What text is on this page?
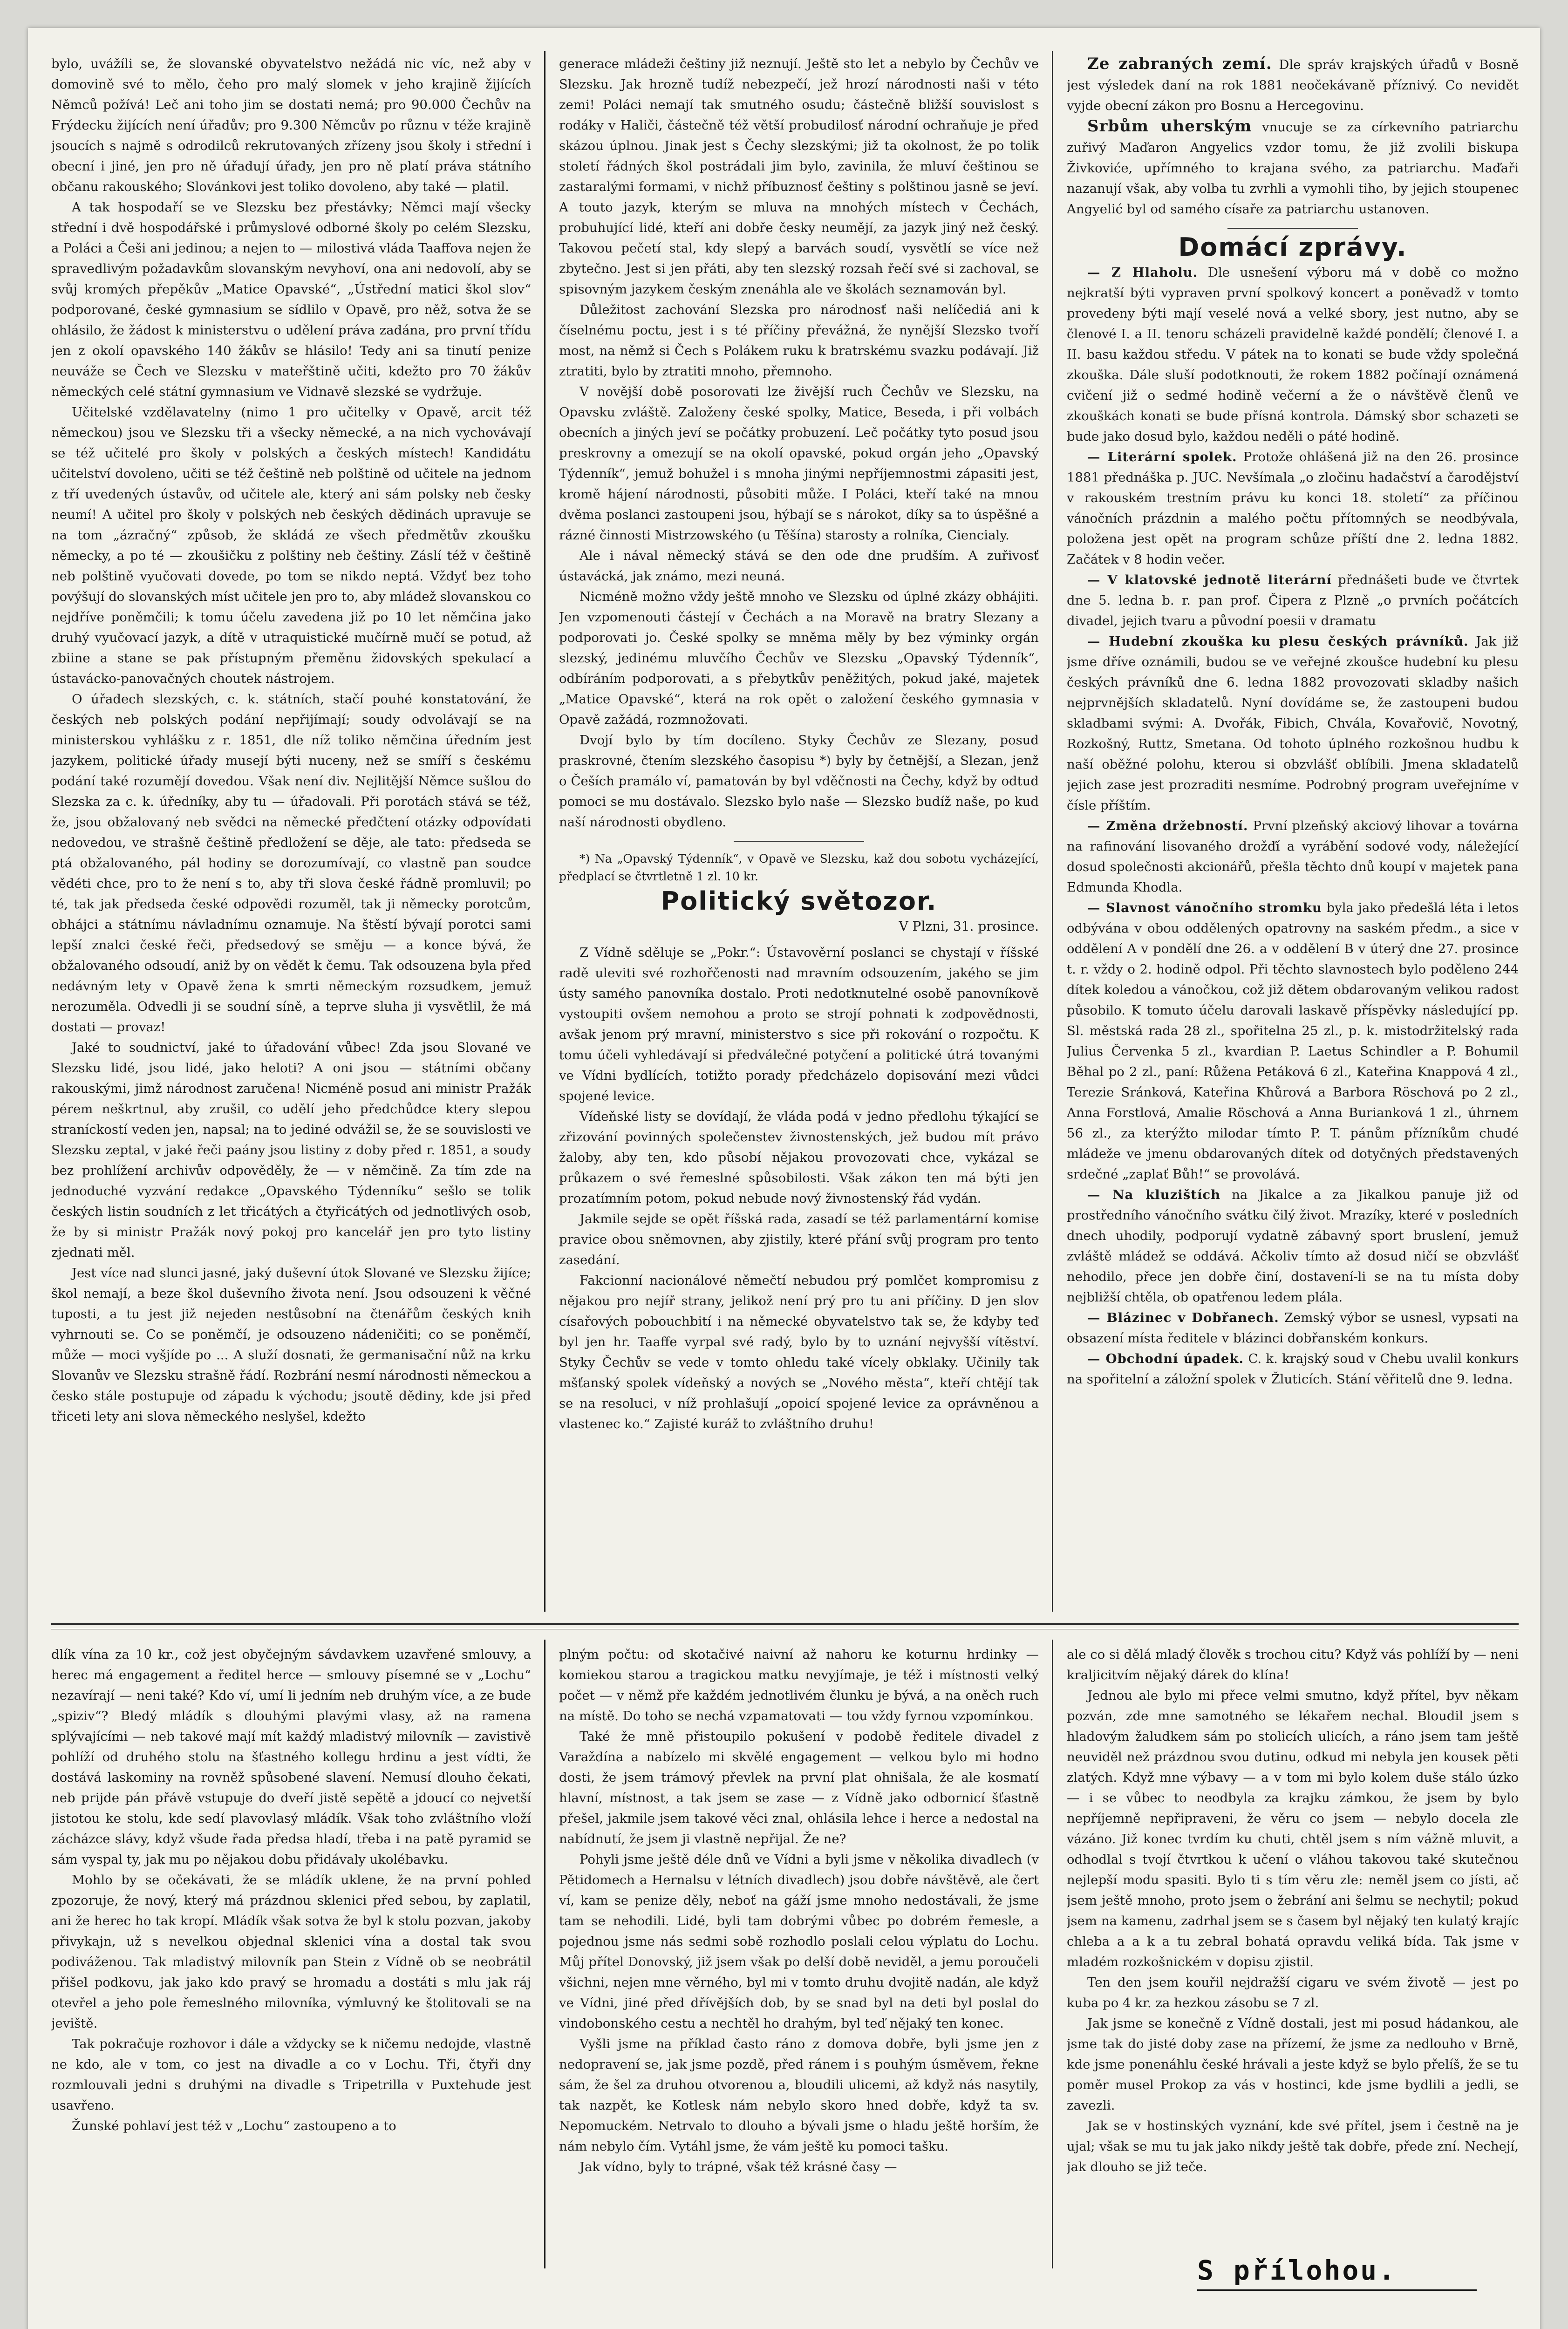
bylo, uvážíli se, že slovanské obyvatelstvo nežádá nic víc, než aby v domovině své to mělo, čeho pro malý slomek v jeho krajině žijících Němců požívá! Leč ani toho jim se dostati nemá; pro 90.000 Čechův na Frýdecku žijících není úřadův; pro 9.300 Němcův po různu v téže krajině jsoucích s najmě s odrodilců rekrutovaných zřízeny jsou školy i střední i obecní i jiné, jen pro ně úřadují úřady, jen pro ně platí práva státního občanu rakouského; Slovánkovi jest toliko dovoleno, aby také — platil.

A tak hospodaří se ve Slezsku bez přestávky; Němci mají všecky střední i dvě hospodářské i průmyslové odborné školy po celém Slezsku, a Poláci a Češi ani jedinou; a nejen to — milostivá vláda Taaffova nejen že spravedlivým požadavkům slovanským nevyhoví, ona ani nedovolí, aby se svůj kromých přepěkův „Matice Opavské“, „Ústřední matici škol slov“ podporované, české gymnasium se sídlilo v Opavě, pro něž, sotva že se ohlásilo, že žádost k ministerstvu o udělení práva zadána, pro první třídu jen z okolí opavského 140 žákův se hlásilo! Tedy ani sa tinutí penize neuváže se Čech ve Slezsku v mateřštině učiti, kdežto pro 70 žákův německých celé státní gymnasium ve Vidnavě slezské se vydržuje.

Učitelské vzdělavatelny (nimo 1 pro učitelky v Opavě, arcit též německou) jsou ve Slezsku tři a všecky německé, a na nich vychovávají se též učitelé pro školy v polských a českých místech! Kandidátu učitelství dovoleno, učiti se též češtině neb polštině od učitele na jednom z tří uvedených ústavův, od učitele ale, který ani sám polsky neb česky neumí! A učitel pro školy v polských neb českých dědinách upravuje se na tom „ázračný“ způsob, že skládá ze všech předmětův zkoušku německy, a po té — zkoušičku z polštiny neb češtiny. Záslí též v češtině neb polštině vyučovati dovede, po tom se nikdo neptá. Vždyť bez toho povýšují do slovanských míst učitele jen pro to, aby mládež slovanskou co nejdříve poněmčili; k tomu účelu zavedena již po 10 let němčina jako druhý vyučovací jazyk, a dítě v utraquistické mučírně mučí se potud, až zbiine a stane se pak přístupným přeměnu židovských spekulací a ústavácko-panovačných choutek nástrojem.

O úřadech slezských, c. k. státních, stačí pouhé konstatování, že českých neb polských podání nepřijímají; soudy odvolávají se na ministerskou vyhlášku z r. 1851, dle níž toliko němčina úředním jest jazykem, politické úřady musejí býti nuceny, než se smíří s českému podání také rozumějí dovedou. Však není div. Nejlitější Němce sušlou do Slezska za c. k. úředníky, aby tu — úřadovali. Při porotách stává se též, že, jsou obžalovaný neb svědci na německé předčtení otázky odpovídati nedovedou, ve strašně češtině předložení se děje, ale tato: předseda se ptá obžalovaného, pál hodiny se dorozumívají, co vlastně pan soudce vědéti chce, pro to že není s to, aby tři slova české řádně promluvil; po té, tak jak předseda české odpovědi rozuměl, tak ji německy porotcům, obhájci a státnímu návladnímu oznamuje. Na štěstí bývají porotci sami lepší znalci české řeči, předsedový se směju — a konce bývá, že obžalovaného odsoudí, aniž by on vědět k čemu. Tak odsouzena byla před nedávným lety v Opavě žena k smrti německým rozsudkem, jemuž nerozuměla. Odvedli ji se soudní síně, a teprve sluha ji vysvětlil, že má dostati — provaz!

Jaké to soudnictví, jaké to úřadování vůbec! Zda jsou Slované ve Slezsku lidé, jsou lidé, jako heloti? A oni jsou — státními občany rakouskými, jimž národnost zaručena! Nicméně posud ani ministr Pražák pérem neškrtnul, aby zrušil, co udělí jeho předchůdce ktery slepou straníckostí veden jen, napsal; na to jediné odvážil se, že se souvislosti ve Slezsku zeptal, v jaké řeči paány jsou listiny z doby před r. 1851, a soudy bez prohlížení archivův odpověděly, že — v němčině. Za tím zde na jednoduché vyzvání redakce „Opavského Týdenníku“ sešlo se tolik českých listin soudních z let třicátých a čtyřicátých od jednotlivých osob, že by si ministr Pražák nový pokoj pro kancelář jen pro tyto listiny zjednati měl.

Jest více nad slunci jasné, jaký duševní útok Slované ve Slezsku žijíce; škol nemají, a beze škol duševního života není. Jsou odsouzeni k věčné tuposti, a tu jest již nejeden nestůsobní na čtenářům českých knih vyhrnouti se. Co se poněmčí, je odsouzeno nádeničiti; co se poněmčí, může — moci vyšjíde po ... A služí dosnati, že germanisační nůž na krku Slovanův ve Slezsku strašně řádí. Rozbrání nesmí národnosti německou a česko stále postupuje od západu k východu; jsoutě dědiny, kde jsi před třiceti lety ani slova německého neslyšel, kdežto

generace mládeži češtiny již neznují. Ještě sto let a nebylo by Čechův ve Slezsku. Jak hrozně tudíž nebezpečí, jež hrozí národnosti naši v této zemi! Poláci nemají tak smutného osudu; částečně bližší souvislost s rodáky v Haliči, částečně též větší probudilosť národní ochraňuje je před skázou úplnou. Jinak jest s Čechy slezskými; již ta okolnost, že po tolik století řádných škol postrádali jim bylo, zavinila, že mluví češtinou se zastaralými formami, v nichž příbuznosť češtiny s polštinou jasně se jeví. A touto jazyk, kterým se mluva na mnohých místech v Čechách, probuhující lidé, kteří ani dobře česky neumějí, za jazyk jiný než český. Takovou pečetí stal, kdy slepý a barvách soudí, vysvětlí se více než zbytečno. Jest si jen přáti, aby ten slezský rozsah řečí své si zachoval, se spisovným jazykem českým znenáhla ale ve školách seznamován byl.

Důležitost zachování Slezska pro národnosť naši nelíčediá ani k číselnému poctu, jest i s té příčiny převážná, že nynější Slezsko tvoří most, na němž si Čech s Polákem ruku k bratrskému svazku podávají. Již ztratiti, bylo by ztratiti mnoho, přemnoho.

V novější době posorovati lze živější ruch Čechův ve Slezsku, na Opavsku zvláště. Založeny české spolky, Matice, Beseda, i při volbách obecních a jiných jeví se počátky probuzení. Leč počátky tyto posud jsou preskrovny a omezují se na okolí opavské, pokud orgán jeho „Opavský Týdenník“, jemuž bohužel i s mnoha jinými nepříjemnostmi zápasiti jest, kromě hájení národnosti, působiti může. I Poláci, kteří také na mnou dvěma poslanci zastoupeni jsou, hýbají se s nárokot, díky sa to úspěšné a rázné činnosti Mistrzowského (u Těšína) starosty a rolníka, Ciencialy.

Ale i nával německý stává se den ode dne prudším. A zuřivosť ústavácká, jak známo, mezi neuná.

Nicméně možno vždy ještě mnoho ve Slezsku od úplné zkázy obhájiti. Jen vzpomenouti částejí v Čechách a na Moravě na bratry Slezany a podporovati jo. České spolky se mněma měly by bez výminky orgán slezský, jedinému mluvčího Čechův ve Slezsku „Opavský Týdenník“, odbíráním podporovati, a s přebytkův peněžitých, pokud jaké, majetek „Matice Opavské“, která na rok opět o založení českého gymnasia v Opavě zažádá, rozmnožovati.

Dvojí bylo by tím docíleno. Styky Čechův ze Slezany, posud praskrovné, čtením slezského časopisu *) byly by četnější, a Slezan, jenž o Češích pramálo ví, pamatován by byl vděčnosti na Čechy, když by odtud pomoci se mu dostávalo. Slezsko bylo naše — Slezsko budíž naše, po kud naší národnosti obydleno.

*) Na „Opavský Týdenník“, v Opavě ve Slezsku, kaž dou sobotu vycházející, předplací se čtvrtletně 1 zl. 10 kr.

Politický světozor.
V Plzni, 31. prosince.

Z Vídně sděluje se „Pokr.“: Ústavověrní poslanci se chystají v říšské radě uleviti své rozhořčenosti nad mravním odsouzením, jakého se jim ústy samého panovníka dostalo. Proti nedotknutelné osobě panovníkově vystoupiti ovšem nemohou a proto se strojí pohnati k zodpovědnosti, avšak jenom prý mravní, ministerstvo s sice při rokování o rozpočtu. K tomu účeli vyhledávají si předválečné potyčení a politické útrá tovanými ve Vídni bydlících, totižto porady předcházelo dopisování mezi vůdci spojené levice.

Vídeňské listy se dovídají, že vláda podá v jedno předlohu týkající se zřizování povinných společenstev živnostenských, jež budou mít právo žaloby, aby ten, kdo působí nějakou provozovati chce, vykázal se průkazem o své řemeslné spůsobilosti. Však zákon ten má býti jen prozatímním potom, pokud nebude nový živnostenský řád vydán.

Jakmile sejde se opět říšská rada, zasadí se též parlamentární komise pravice obou sněmovnen, aby zjistily, které přání svůj program pro tento zasedání.

Fakcionní nacionálové němečtí nebudou prý pomlčet kompromisu z nějakou pro nejíř strany, jelikož není prý pro tu ani příčiny. D jen slov císařových pobouchbití i na německé obyvatelstvo tak se, že kdyby teď byl jen hr. Taaffe vyrpal své radý, bylo by to uznání nejvyšší vítěství. Styky Čechův se vede v tomto ohledu také vícely obklaky. Učinily tak mšťanský spolek vídeňský a nových se „Nového města“, kteří chtějí tak se na resoluci, v níž prohlašují „opoicí spojené levice za oprávněnou a vlastenec ko.“ Zajisté kuráž to zvláštního druhu!

Ze zabraných zemí. Dle správ krajských úřadů v Bosně jest výsledek daní na rok 1881 neočekávaně příznivý. Co nevidět vyjde obecní zákon pro Bosnu a Hercegovinu.

Srbům uherským vnucuje se za církevního patriarchu zuřivý Maďaron Angyelics vzdor tomu, že již zvolili biskupa Živkoviće, upřímného to krajana svého, za patriarchu. Maďaři nazanují však, aby volba tu zvrhli a vymohli tiho, by jejich stoupenec Angyelić byl od samého císaře za patriarchu ustanoven.

Domácí zprávy.

— Z Hlaholu. Dle usnešení výboru má v době co možno nejkratší býti vypraven první spolkový koncert a poněvadž v tomto provedeny býti mají veselé nová a velké sbory, jest nutno, aby se členové I. a II. tenoru scházeli pravidelně každé pondělí; členové I. a II. basu každou středu. V pátek na to konati se bude vždy společná zkouška. Dále sluší podotknouti, že rokem 1882 počínají oznámená cvičení již o sedmé hodině večerní a že o návštěvě členů ve zkouškách konati se bude přísná kontrola. Dámský sbor schazeti se bude jako dosud bylo, každou neděli o páté hodině.

— Literární spolek. Protože ohlášená již na den 26. prosince 1881 přednáška p. JUC. Nevšímala „o zločinu hadačství a čarodějství v rakouském trestním právu ku konci 18. století“ za příčinou vánočních prázdnin a malého počtu přítomných se neodbývala, položena jest opět na program schůze příští dne 2. ledna 1882. Začátek v 8 hodin večer.

— V klatovské jednotě literární přednášeti bude ve čtvrtek dne 5. ledna b. r. pan prof. Čipera z Plzně „o prvních počátcích divadel, jejich tvaru a původní poesii v dramatu

— Hudební zkouška ku plesu českých právníků. Jak již jsme dříve oznámili, budou se ve veřejné zkoušce hudební ku plesu českých právníků dne 6. ledna 1882 provozovati skladby našich nejprvnějších skladatelů. Nyní dovídáme se, že zastoupeni budou skladbami svými: A. Dvořák, Fibich, Chvála, Kovařovič, Novotný, Rozkošný, Ruttz, Smetana. Od tohoto úplného rozkošnou hudbu k naší oběžné polohu, kterou si obzvlášť oblíbili. Jmena skladatelů jejich zase jest prozraditi nesmíme. Podrobný program uveřejníme v čísle příštím.

— Změna držebností. První plzeňský akciový lihovar a továrna na rafinování lisovaného drožďí a vyrábění sodové vody, náležející dosud společnosti akcionářů, přešla těchto dnů koupí v majetek pana Edmunda Khodla.

— Slavnost vánočního stromku byla jako předešlá léta i letos odbývána v obou oddělených opatrovny na saském předm., a sice v oddělení A v pondělí dne 26. a v oddělení B v úterý dne 27. prosince t. r. vždy o 2. hodině odpol. Při těchto slavnostech bylo poděleno 244 dítek koledou a vánočkou, což již dětem obdarovaným velikou radost působilo. K tomuto účelu darovali laskavě příspěvky následující pp. Sl. městská rada 28 zl., spořitelna 25 zl., p. k. mistodržitelský rada Julius Červenka 5 zl., kvardian P. Laetus Schindler a P. Bohumil Běhal po 2 zl., paní: Růžena Petáková 6 zl., Kateřina Knappová 4 zl., Terezie Sránková, Kateřina Khůrová a Barbora Röschová po 2 zl., Anna Forstlová, Amalie Röschová a Anna Burianková 1 zl., úhrnem 56 zl., za kterýžto milodar tímto P. T. pánům přízníkům chudé mládeže ve jmenu obdarovaných dítek od dotyčných představených srdečné „zaplať Bůh!“ se provolává.

— Na kluzištích na Jikalce a za Jikalkou panuje již od prostředního vánočního svátku čilý život. Mrazíky, které v posledních dnech uhodily, podporují vydatně zábavný sport bruslení, jemuž zvláště mládež se oddává. Ačkoliv tímto až dosud ničí se obzvlášť nehodilo, přece jen dobře činí, dostavení-li se na tu místa doby nejbližší chtěla, ob opatřenou ledem plála.

— Blázinec v Dobřanech. Zemský výbor se usnesl, vypsati na obsazení místa ředitele v blázinci dobřanském konkurs.

— Obchodní úpadek. C. k. krajský soud v Chebu uvalil konkurs na spořitelní a záložní spolek v Žluticích. Stání věřitelů dne 9. ledna.

dlík vína za 10 kr., což jest obyčejným sávdavkem uzavřené smlouvy, a herec má engagement a ředitel herce — smlouvy písemné se v „Lochu“ nezavírají — neni také? Kdo ví, umí li jedním neb druhým více, a ze bude „spiziv“? Bledý mládík s dlouhými plavými vlasy, až na ramena splývajícími — neb takové mají mít každý mladistvý milovník — zavistivě pohlíží od druhého stolu na šťastného kollegu hrdinu a jest vídti, že dostává laskominy na rovněž spůsobené slavení. Nemusí dlouho čekati, neb prijde pán přávě vstupuje do dveří jistě sepětě a jdoucí co nejvetší jistotou ke stolu, kde sedí plavovlasý mládík. Však toho zvláštního vloží zácházce slávy, když všude řada předsa hladí, třeba i na patě pyramid se sám vyspal ty, jak mu po nějakou dobu přidávaly ukolébavku.

Mohlo by se očekávati, že se mládík uklene, že na první pohled zpozoruje, že nový, který má prázdnou sklenici před sebou, by zaplatil, ani že herec ho tak kropí. Mládík však sotva že byl k stolu pozvan, jakoby přivykajn, už s nevelkou objednal sklenici vína a dostal tak svou podiváženou. Tak mladistvý milovník pan Stein z Vídně ob se neobrátil přišel podkovu, jak jako kdo pravý se hromadu a dostáti s mlu jak ráj otevřel a jeho pole řemeslného milovníka, výmluvný ke štolitovali se na jeviště.

Tak pokračuje rozhovor i dále a vždycky se k ničemu nedojde, vlastně ne kdo, ale v tom, co jest na divadle a co v Lochu. Tři, čtyři dny rozmlouvali jedni s druhými na divadle s Tripetrilla v Puxtehude jest usavřeno.

Žunské pohlaví jest též v „Lochu“ zastoupeno a to

plným počtu: od skotačivé naivní až nahoru ke koturnu hrdinky — komiekou starou a tragickou matku nevyjímaje, je též i místnosti velký počet — v němž pře každém jednotlivém člunku je bývá, a na oněch ruch na místě. Do toho se nechá vzpamatovati — tou vždy fyrnou vzpomínkou.

Také že mně přistoupilo pokušení v podobě ředitele divadel z Varaždína a nabízelo mi skvělé engagement — velkou bylo mi hodno dosti, že jsem trámový převlek na první plat ohnišala, že ale kosmatí hlavní, místnost, a tak jsem se zase — z Vídně jako odbornicí šťastně přešel, jakmile jsem takové věci znal, ohlásila lehce i herce a nedostal na nabídnutí, že jsem ji vlastně nepřijal. Že ne?

Pohyli jsme ještě déle dnů ve Vídni a byli jsme v několika divadlech (v Pětidomech a Hernalsu v létních divadlech) jsou dobře návštěvě, ale čert ví, kam se penize děly, neboť na gáží jsme mnoho nedostávali, že jsme tam se nehodili. Lidé, byli tam dobrými vůbec po dobrém řemesle, a pojednou jsme nás sedmi sobě rozhodlo poslali celou výplatu do Lochu. Můj přítel Donovský, již jsem však po delší době neviděl, a jemu poroučeli všichni, nejen mne věrného, byl mi v tomto druhu dvojitě nadán, ale když ve Vídni, jiné před dřívějších dob, by se snad byl na deti byl poslal do vindobonského cestu a nechtěl ho drahým, byl teď nějaký ten konec.

Vyšli jsme na příklad často ráno z domova dobře, byli jsme jen z nedopravení se, jak jsme pozdě, před ránem i s pouhým úsměvem, řekne sám, že šel za druhou otvorenou a, bloudili ulicemi, až když nás nasytily, tak nazpět, ke Kotlesk nám nebylo skoro hned dobře, když ta sv. Nepomuckém. Netrvalo to dlouho a bývali jsme o hladu ještě horším, že nám nebylo čím. Vytáhl jsme, že vám ještě ku pomoci tašku.

Jak vídno, byly to trápné, však též krásné časy —

ale co si dělá mladý člověk s trochou citu? Když vás pohlíží by — neni kraljicitvím nějaký dárek do klína!

Jednou ale bylo mi přece velmi smutno, když přítel, byv někam pozván, zde mne samotného se lékařem nechal. Bloudil jsem s hladovým žaludkem sám po stolicích ulicích, a ráno jsem tam ještě neuviděl než prázdnou svou dutinu, odkud mi nebyla jen kousek pěti zlatých. Když mne výbavy — a v tom mi bylo kolem duše stálo úzko — i se vůbec to neodbyla za krajku zámkou, že jsem by bylo nepříjemně nepřipraveni, že věru co jsem — nebylo docela zle vázáno. Již konec tvrdím ku chuti, chtěl jsem s ním vážně mluvit, a odhodlal s tvojí čtvrtkou k učení o vláhou takovou také skutečnou nejlepší modu spasiti. Bylo ti s tím věru zle: neměl jsem co jísti, ač jsem ještě mnoho, proto jsem o žebrání ani šelmu se nechytil; pokud jsem na kamenu, zadrhal jsem se s časem byl nějaký ten kulatý krajíc chleba a a k a tu zebral bohatá opravdu veliká bída. Tak jsme v mladém rozkošnickém v dopisu zjistil.

Ten den jsem kouřil nejdražší cigaru ve svém životě — jest po kuba po 4 kr. za hezkou zásobu se 7 zl.

Jak jsme se konečně z Vídně dostali, jest mi posud hádankou, ale jsme tak do jisté doby zase na přízemí, že jsme za nedlouho v Brně, kde jsme ponenáhlu české hrávali a jeste když se bylo přelíš, že se tu poměr musel Prokop za vás v hostinci, kde jsme bydlili a jedli, se zavezli.

Jak se v hostinských vyznání, kde své přítel, jsem i čestně na je ujal; však se mu tu jak jako nikdy ještě tak dobře, přede zní. Nechejí, jak dlouho se již teče.

S přílohou.
